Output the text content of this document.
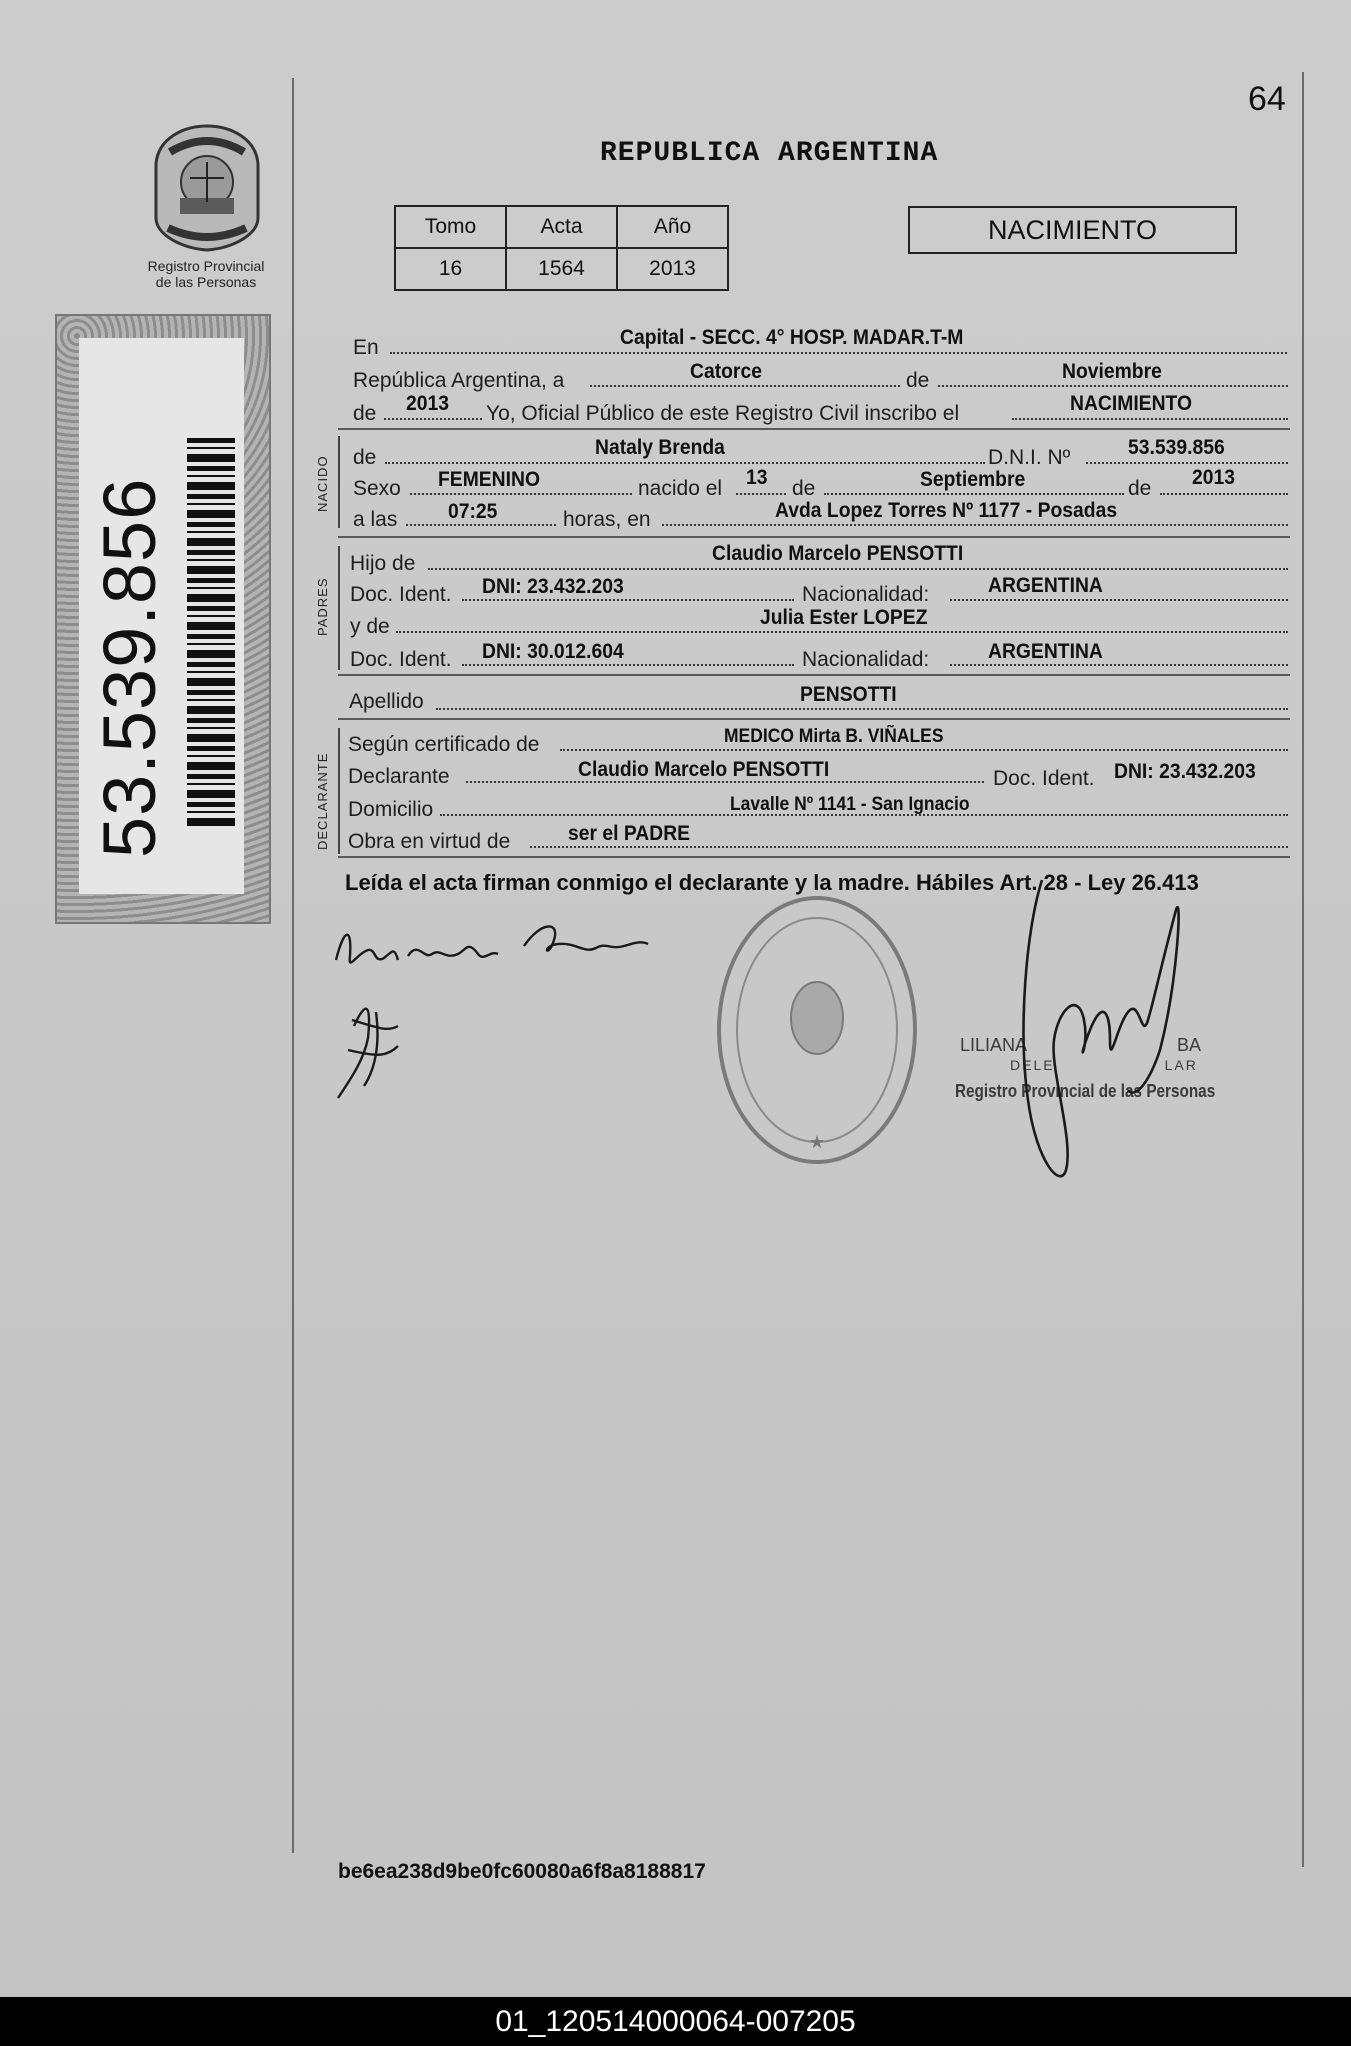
64
REPUBLICA ARGENTINA
Registro Provincial
de las Personas
53.539.856
Tomo	Acta	Año
16	1564	2013
NACIMIENTO
En	Capital - SECC. 4° HOSP. MADAR.T-M
República Argentina, a	Catorce	de	Noviembre
de 2013 Yo, Oficial Público de este Registro Civil inscribo el	NACIMIENTO
NACIDO de	Nataly Brenda	D.N.I. Nº	53.539.856
Sexo FEMENINO	nacido el 13 de	Septiembre	de 2013
a las 07:25	horas, en	Avda Lopez Torres Nº 1177 - Posadas
PADRES
Hijo de	Claudio Marcelo PENSOTTI
Doc. Ident. DNI: 23.432.203	Nacionalidad:	ARGENTINA
y de	Julia Ester LOPEZ
Doc. Ident. DNI: 30.012.604	Nacionalidad:	ARGENTINA
Apellido	PENSOTTI
DECLARANTE
Según certificado de	MEDICO Mirta B. VIÑALES
Declarante	Claudio Marcelo PENSOTTI	Doc. Ident. DNI: 23.432.203
Domicilio	Lavalle Nº 1141 - San Ignacio
Obra en virtud de	ser el PADRE
Leída el acta firman conmigo el declarante y la madre. Hábiles Art. 28 - Ley 26.413
★
LILIANA	BA
DELE	LAR
Registro Provincial de las Personas
be6ea238d9be0fc60080a6f8a8188817
01_120514000064-007205
